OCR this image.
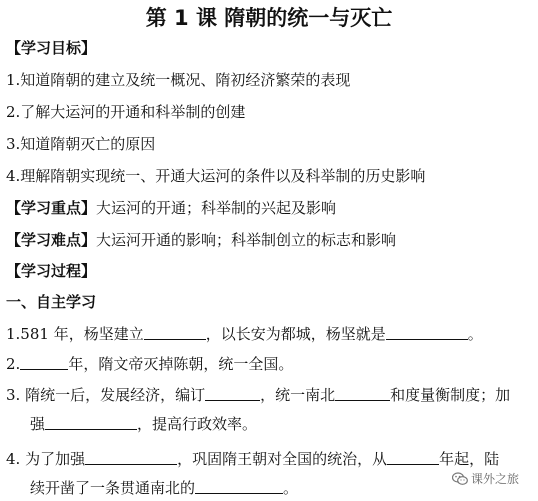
第 1 课 隋朝的统一与灭亡
【学习目标】
1.知道隋朝的建立及统一概况、隋初经济繁荣的表现
2.了解大运河的开通和科举制的创建
3.知道隋朝灭亡的原因
4.理解隋朝实现统一、开通大运河的条件以及科举制的历史影响
【学习重点】大运河的开通；科举制的兴起及影响
【学习难点】大运河开通的影响；科举制创立的标志和影响
【学习过程】
一、自主学习
1.581 年，杨坚建立	，以长安为都城，杨坚就是	。
2.	年，隋文帝灭掉陈朝，统一全国。
3. 隋统一后，发展经济，编订	，统一南北	和度量衡制度；加
强	，提高行政效率。
4. 为了加强	，巩固隋王朝对全国的统治，从	年起，陆
续开凿了一条贯通南北的	。	课外之旅
